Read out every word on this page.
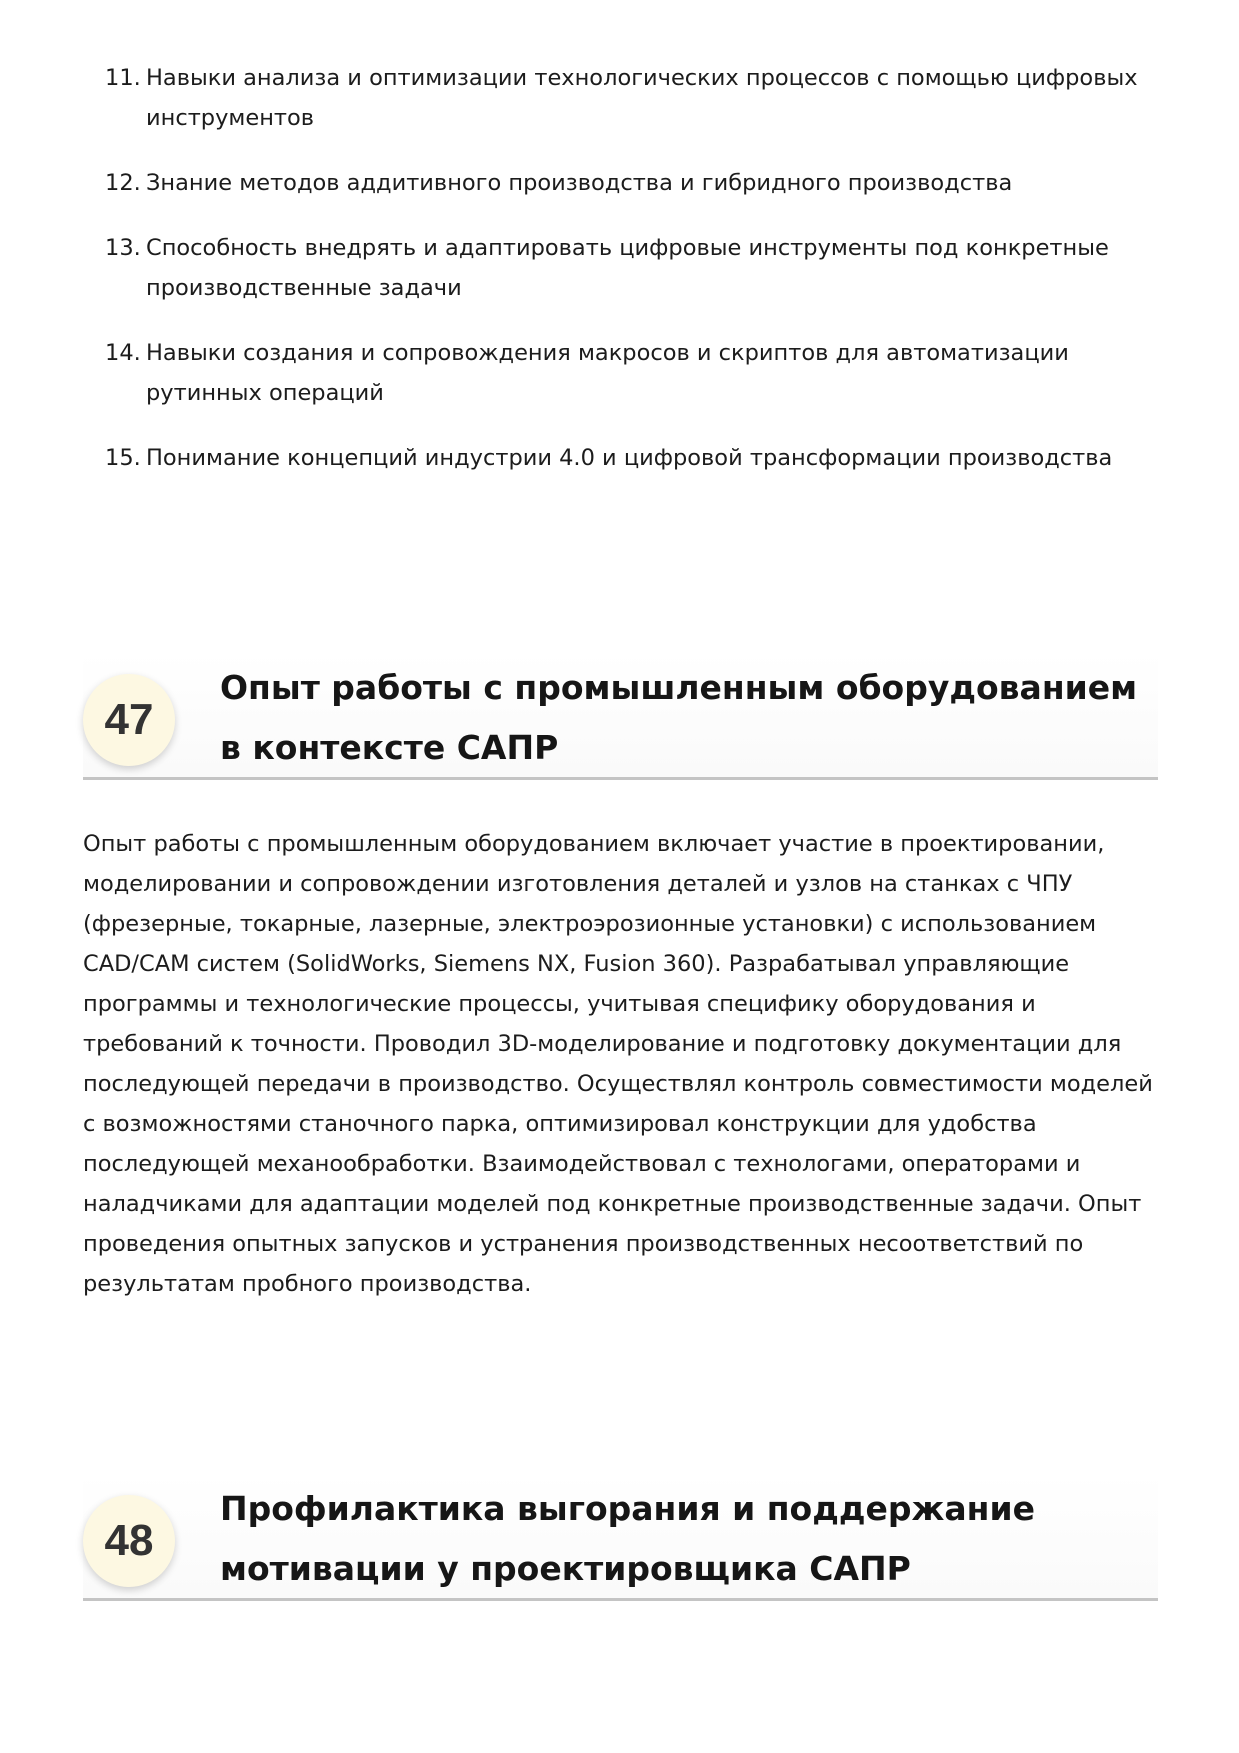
11. Навыки анализа и оптимизации технологических процессов с помощью цифровых инструментов
12. Знание методов аддитивного производства и гибридного производства
13. Способность внедрять и адаптировать цифровые инструменты под конкретные производственные задачи
14. Навыки создания и сопровождения макросов и скриптов для автоматизации рутинных операций
15. Понимание концепций индустрии 4.0 и цифровой трансформации производства
47
Опыт работы с промышленным оборудованием в контексте САПР

Опыт работы с промышленным оборудованием включает участие в проектировании, моделировании и сопровождении изготовления деталей и узлов на станках с ЧПУ (фрезерные, токарные, лазерные, электроэрозионные установки) с использованием CAD/CAM систем (SolidWorks, Siemens NX, Fusion 360). Разрабатывал управляющие программы и технологические процессы, учитывая специфику оборудования и требований к точности. Проводил 3D-моделирование и подготовку документации для последующей передачи в производство. Осуществлял контроль совместимости моделей с возможностями станочного парка, оптимизировал конструкции для удобства последующей механообработки. Взаимодействовал с технологами, операторами и наладчиками для адаптации моделей под конкретные производственные задачи. Опыт проведения опытных запусков и устранения производственных несоответствий по результатам пробного производства.

48
Профилактика выгорания и поддержание мотивации у проектировщика САПР
